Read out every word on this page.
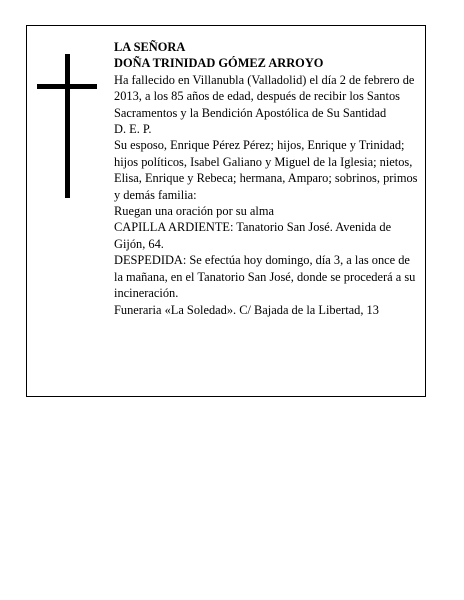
LA SEÑORA

DOÑA TRINIDAD GÓMEZ ARROYO

Ha fallecido en Villanubla (Valladolid) el día 2 de febrero de 2013, a los 85 años de edad, después de recibir los Santos Sacramentos y la Bendición Apostólica de Su Santidad

D. E. P.

Su esposo, Enrique Pérez Pérez; hijos, Enrique y Trinidad; hijos políticos, Isabel Galiano y Miguel de la Iglesia; nietos, Elisa, Enrique y Rebeca; hermana, Amparo; sobrinos, primos y demás familia:

Ruegan una oración por su alma

CAPILLA ARDIENTE: Tanatorio San José. Avenida de Gijón, 64.

DESPEDIDA: Se efectúa hoy domingo, día 3, a las once de la mañana, en el Tanatorio San José, donde se procederá a su incineración.

Funeraria «La Soledad». C/ Bajada de la Libertad, 13
